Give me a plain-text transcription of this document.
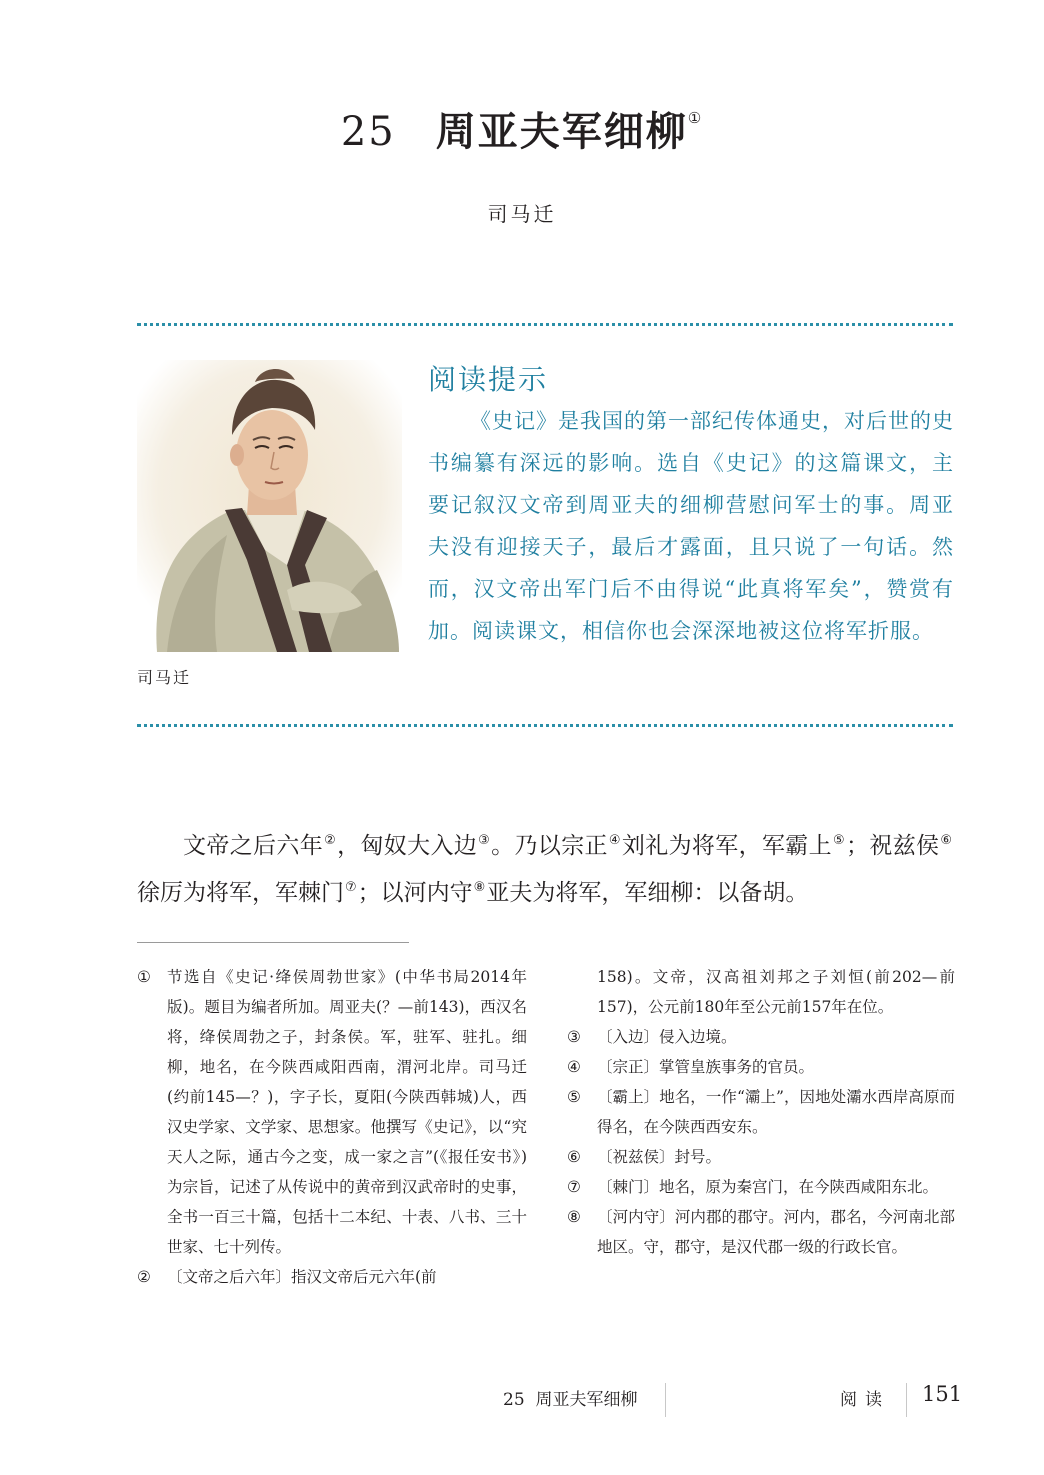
25 周亚夫军细柳①
司马迁
司马迁
阅读提示
《史记》是我国的第一部纪传体通史，对后世的史书编纂有深远的影响。选自《史记》的这篇课文，主要记叙汉文帝到周亚夫的细柳营慰问军士的事。周亚夫没有迎接天子，最后才露面，且只说了一句话。然而，汉文帝出军门后不由得说“此真将军矣”，赞赏有加。阅读课文，相信你也会深深地被这位将军折服。
文帝之后六年②，匈奴大入边③。乃以宗正④刘礼为将军，军霸上⑤；祝兹侯⑥徐厉为将军，军棘门⑦；以河内守⑧亚夫为将军，军细柳：以备胡。
①	节选自《史记·绛侯周勃世家》(中华书局2014年版)。题目为编者所加。周亚夫(？—前143)，西汉名将，绛侯周勃之子，封条侯。军，驻军、驻扎。细柳，地名，在今陕西咸阳西南，渭河北岸。司马迁(约前145—？)，字子长，夏阳(今陕西韩城)人，西汉史学家、文学家、思想家。他撰写《史记》，以“究天人之际，通古今之变，成一家之言”(《报任安书》)为宗旨，记述了从传说中的黄帝到汉武帝时的史事，全书一百三十篇，包括十二本纪、十表、八书、三十世家、七十列传。
②	〔文帝之后六年〕指汉文帝后元六年(前
158)。文帝，汉高祖刘邦之子刘恒(前202—前157)，公元前180年至公元前157年在位。
③	〔入边〕侵入边境。
④	〔宗正〕掌管皇族事务的官员。
⑤	〔霸上〕地名，一作“灞上”，因地处灞水西岸高原而得名，在今陕西西安东。
⑥	〔祝兹侯〕封号。
⑦	〔棘门〕地名，原为秦宫门，在今陕西咸阳东北。
⑧	〔河内守〕河内郡的郡守。河内，郡名，今河南北部地区。守，郡守，是汉代郡一级的行政长官。
25  周亚夫军细柳	阅读 151
